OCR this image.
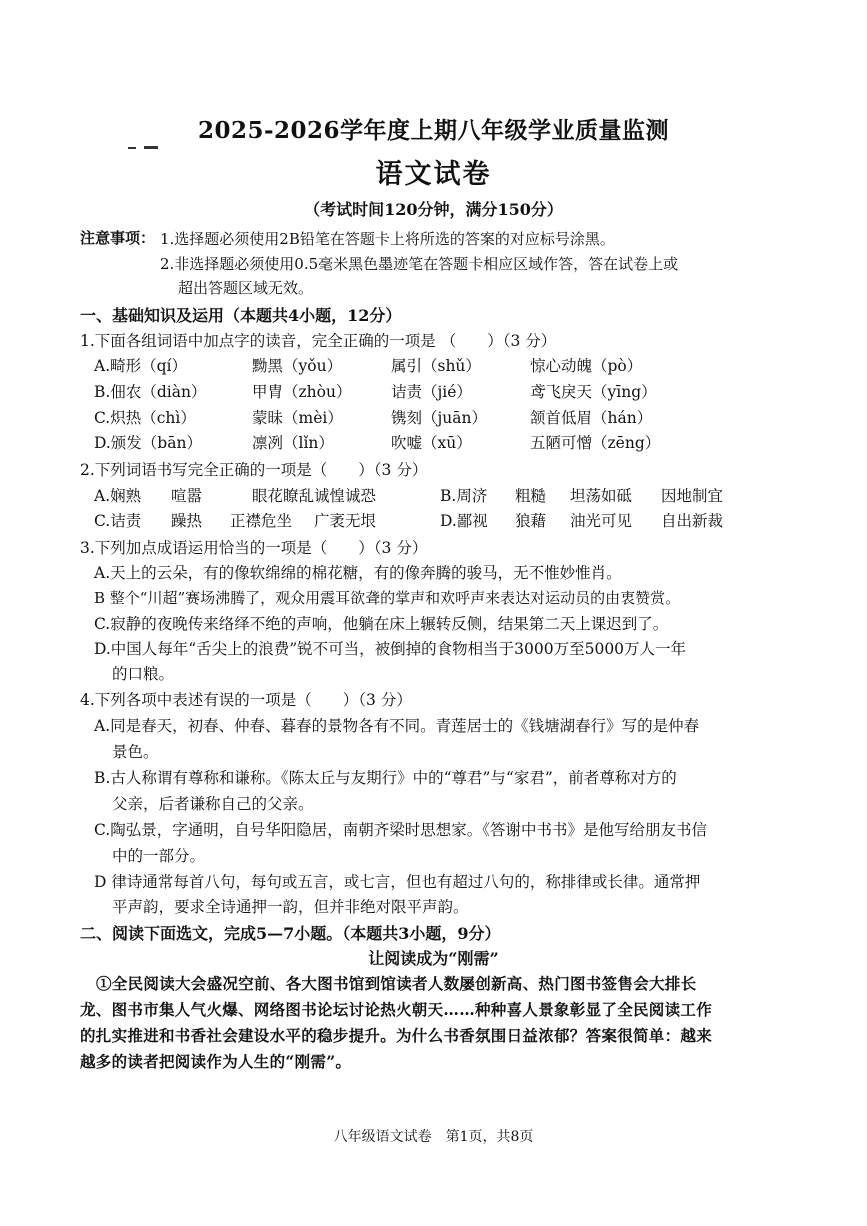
2025-2026学年度上期八年级学业质量监测
语文试卷
（考试时间120分钟，满分150分）
注意事项： 1.选择题必须使用2B铅笔在答题卡上将所选的答案的对应标号涂黑。
2.非选择题必须使用0.5毫米黑色墨迹笔在答题卡相应区域作答，答在试卷上或
超出答题区域无效。
一、基础知识及运用（本题共4小题，12分）
1.下面各组词语中加点字的读音，完全正确的一项是 （　　）（3 分）
A.畸形（qí）	黝黑（yǒu）	属引（shǔ）	惊心动魄（pò）
B.佃农（diàn）	甲胄（zhòu）	诘责（jié）	鸢飞戾天（yīng）
C.炽热（chì）	蒙昧（mèi）	镌刻（juān）	颔首低眉（hán）
D.颁发（bān）	凛冽（lǐn）	吹嘘（xū）	五陋可憎（zēng）
2.下列词语书写完全正确的一项是（　　）（3 分）
A.娴熟 喧嚣	眼花瞭乱 诚惶诚恐	B.周济 粗糙 坦荡如砥 因地制宜
C.诘责 躁热 正襟危坐 广袤无垠	D.鄙视 狼藉 油光可见 自出新裁
3.下列加点成语运用恰当的一项是（　　）（3 分）
A.天上的云朵，有的像软绵绵的棉花糖，有的像奔腾的骏马，无不惟妙惟肖。
B 整个“川超”赛场沸腾了，观众用震耳欲聋的掌声和欢呼声来表达对运动员的由衷赞赏。
C.寂静的夜晚传来络绎不绝的声响，他躺在床上辗转反侧，结果第二天上课迟到了。
D.中国人每年“舌尖上的浪费”锐不可当，被倒掉的食物相当于3000万至5000万人一年
的口粮。
4.下列各项中表述有误的一项是（　　）（3 分）
A.同是春天，初春、仲春、暮春的景物各有不同。青莲居士的《钱塘湖春行》写的是仲春
景色。
B.古人称谓有尊称和谦称。《陈太丘与友期行》中的“尊君”与“家君”，前者尊称对方的
父亲，后者谦称自己的父亲。
C.陶弘景，字通明，自号华阳隐居，南朝齐梁时思想家。《答谢中书书》是他写给朋友书信
中的一部分。
D 律诗通常每首八句，每句或五言，或七言，但也有超过八句的，称排律或长律。通常押
平声韵，要求全诗通押一韵，但并非绝对限平声韵。
二、阅读下面选文，完成5—7小题。（本题共3小题，9分）
让阅读成为“刚需”
①全民阅读大会盛况空前、各大图书馆到馆读者人数屡创新高、热门图书签售会大排长
龙、图书市集人气火爆、网络图书论坛讨论热火朝天……种种喜人景象彰显了全民阅读工作
的扎实推进和书香社会建设水平的稳步提升。为什么书香氛围日益浓郁？答案很简单：越来
越多的读者把阅读作为人生的“刚需”。
八年级语文试卷　第1页，共8页
